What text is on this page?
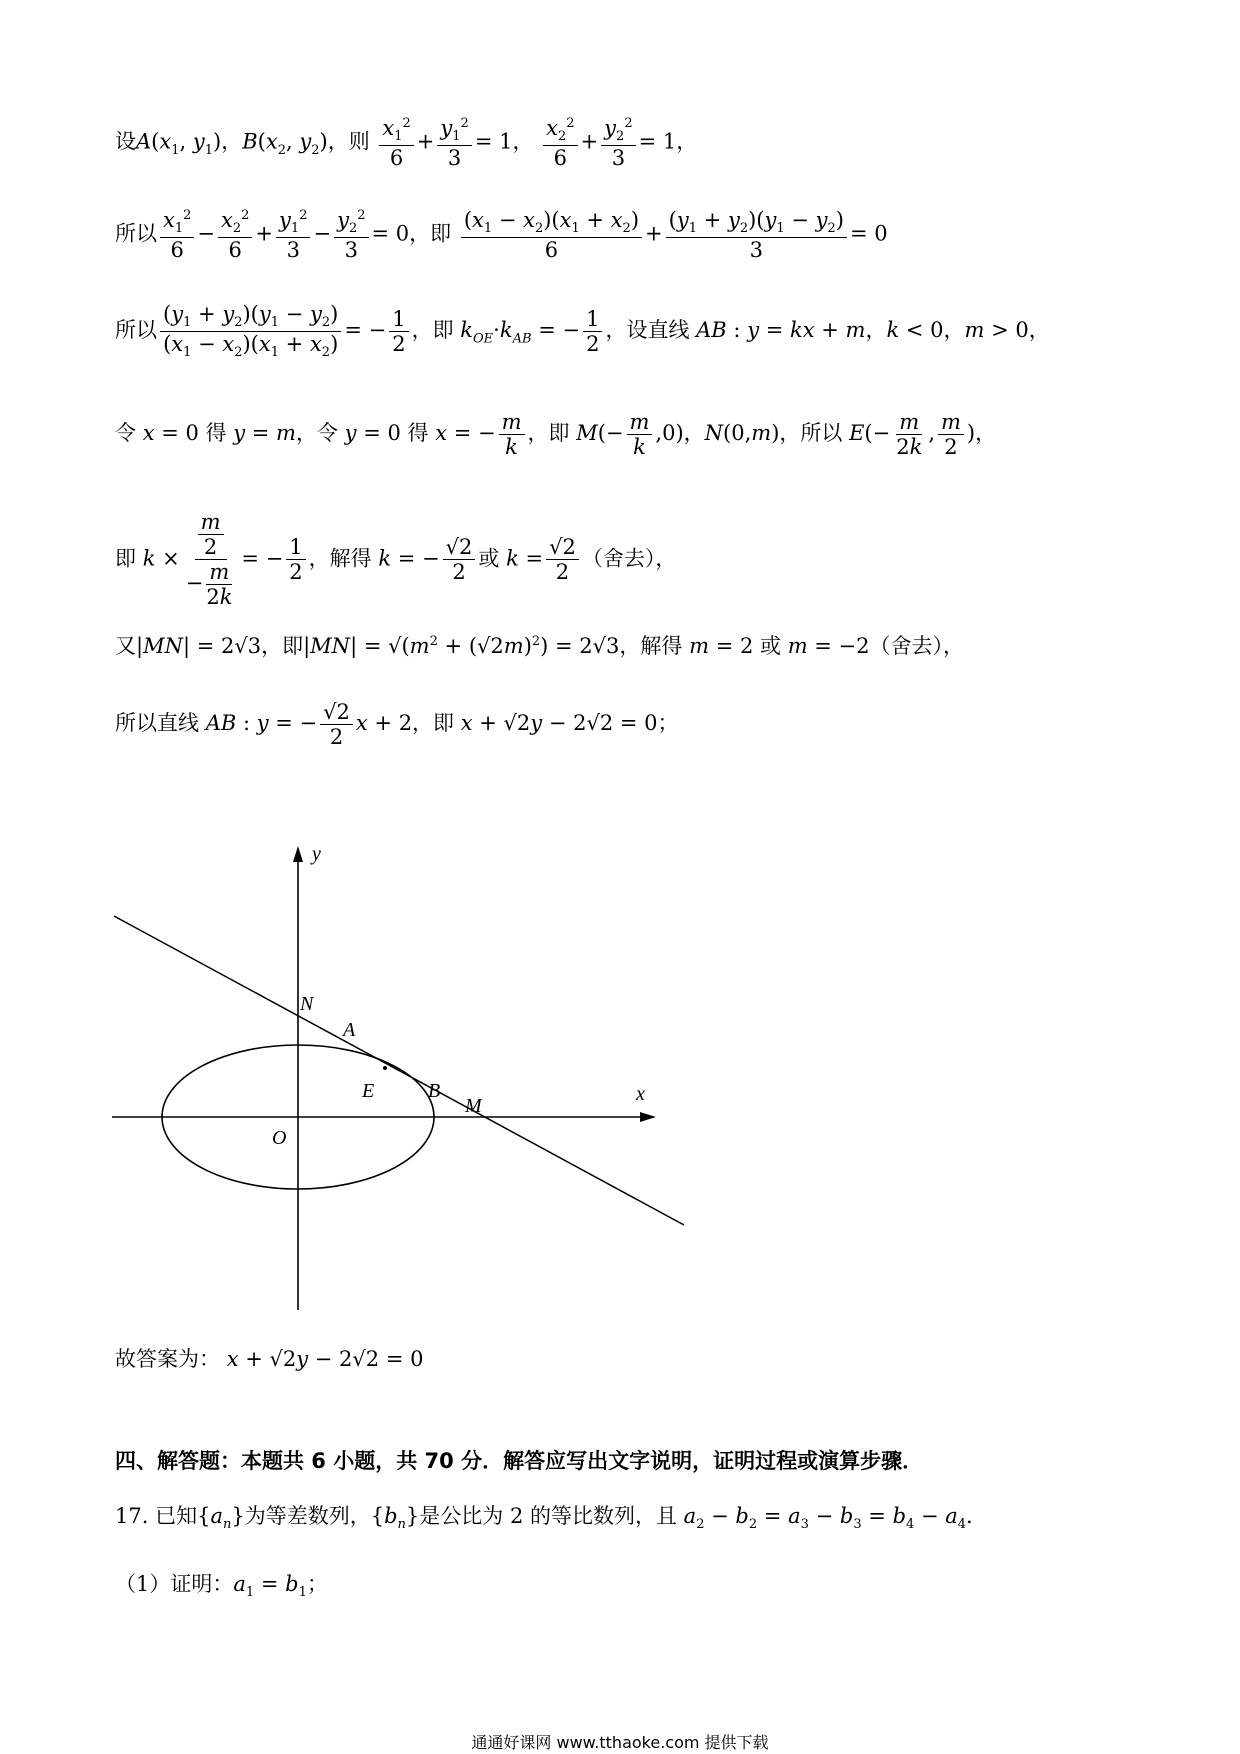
设$A(x_1$, $y_1$)，$B(x_2$, $y_2$)，则 $\frac{x_1^2}{6} + \frac{y_1^2}{3} = 1$， $\frac{x_2^2}{6} + \frac{y_2^2}{3} = 1$，
所以 $\frac{x_1^2}{6} - \frac{x_2^2}{6} + \frac{y_1^2}{3} - \frac{y_2^2}{3} = 0$，即 $\frac{(x_1 - x_2)(x_1 + x_2)}{6} + \frac{(y_1 + y_2)(y_1 - y_2)}{3} = 0$
所以 $\frac{(y_1 + y_2)(y_1 - y_2)}{(x_1 - x_2)(x_1 + x_2)}$ = − $\frac{1}{2}$ ，即 $k_{OE}\cdot k_{AB}$ = − $\frac{1}{2}$ ，设直线 AB : y = kx + m，k < 0，m > 0，
令 x = 0 得 y = m，令 y = 0 得 x = − $\frac{m}{k}$ ，即 $M(- \frac{m}{k} ,0)$，N(0,m)，所以 $E(- \frac{m}{2k}$ , $\frac{m}{2}$ )，
即 $k \times \frac{\frac{m}{2}}{- \frac{m}{2k}}$ = − $\frac{1}{2}$ ，解得 k = − $\frac{√2}{2}$ 或 $k = \frac{√2}{2}$ （舍去），
又|MN| = 2√3，即$|MN| = √(m^2 + (√2m)^2) = 2√3$，解得 m = 2 或 m = −2（舍去），
所以直线 AB : y = − $\frac{√2}{2}$ x + 2，即 x + √2y − 2√2 = 0；
y
x
N
A
E	B
M
O
故答案为： x + √2y − 2√2 = 0
四、解答题：本题共 6 小题，共 70 分．解答应写出文字说明，证明过程或演算步骤．
17. 已知$\{a_n\}$为等差数列，$\{b_n\}$是公比为 2 的等比数列，且 $a_2 - b_2 = a_3 - b_3 = b_4 - a_4$．
（1）证明：$a_1 = b_1$；
通通好课网 www.tthaoke.com 提供下载
